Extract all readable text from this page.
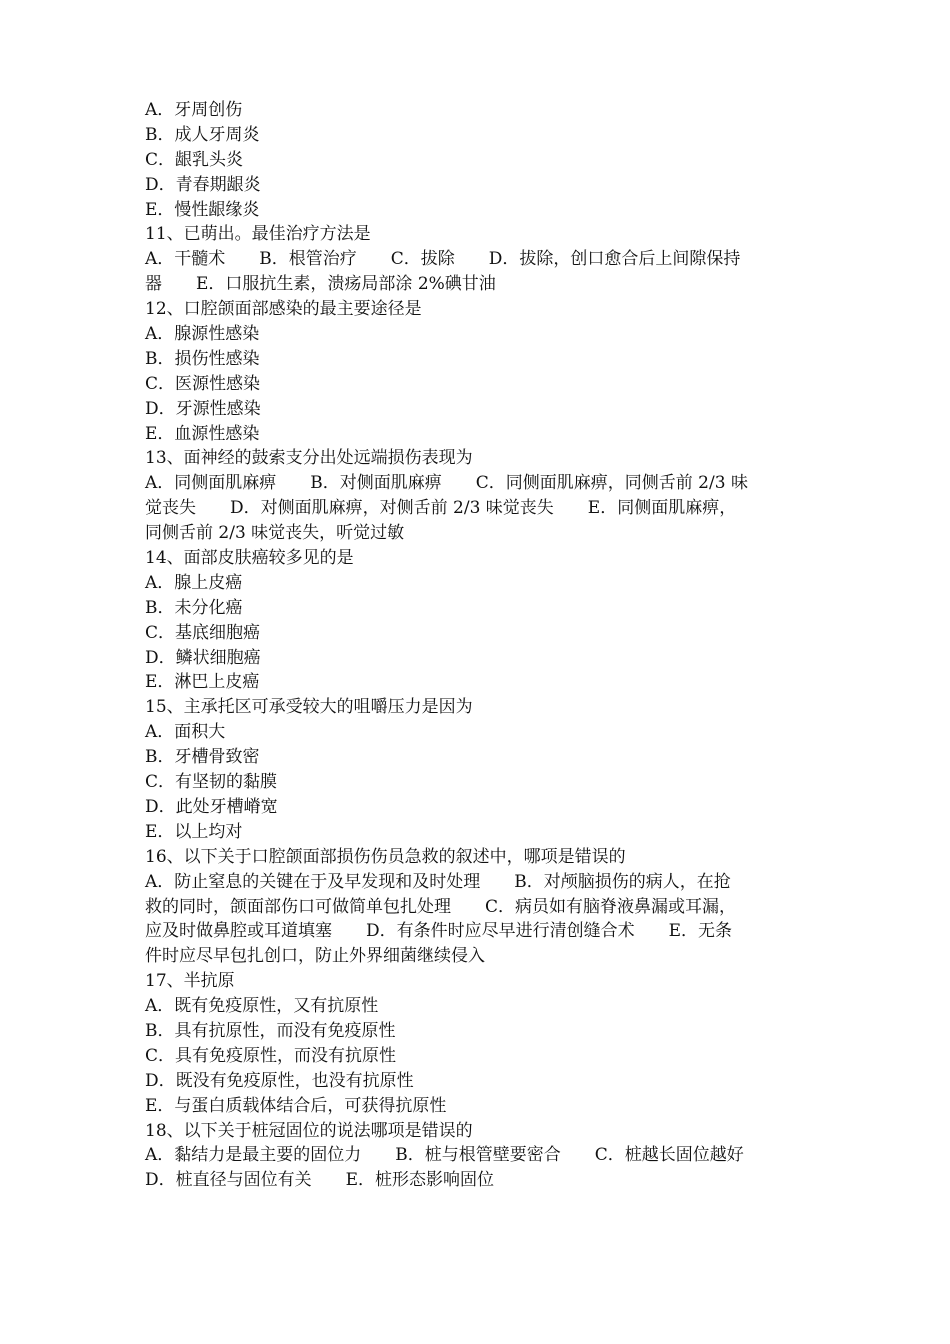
A．牙周创伤
B．成人牙周炎
C．龈乳头炎
D．青春期龈炎
E．慢性龈缘炎
11、已萌出。最佳治疗方法是
A．干髓术　　B．根管治疗　　C．拔除　　D．拔除，创口愈合后上间隙保持
器　　E．口服抗生素，溃疡局部涂 2%碘甘油
12、口腔颌面部感染的最主要途径是
A．腺源性感染
B．损伤性感染
C．医源性感染
D．牙源性感染
E．血源性感染
13、面神经的鼓索支分出处远端损伤表现为
A．同侧面肌麻痹　　B．对侧面肌麻痹　　C．同侧面肌麻痹，同侧舌前 2/3 味
觉丧失　　D．对侧面肌麻痹，对侧舌前 2/3 味觉丧失　　E．同侧面肌麻痹，
同侧舌前 2/3 味觉丧失，听觉过敏
14、面部皮肤癌较多见的是
A．腺上皮癌
B．未分化癌
C．基底细胞癌
D．鳞状细胞癌
E．淋巴上皮癌
15、主承托区可承受较大的咀嚼压力是因为
A．面积大
B．牙槽骨致密
C．有坚韧的黏膜
D．此处牙槽嵴宽
E．以上均对
16、以下关于口腔颌面部损伤伤员急救的叙述中，哪项是错误的
A．防止窒息的关键在于及早发现和及时处理　　B．对颅脑损伤的病人，在抢
救的同时，颌面部伤口可做简单包扎处理　　C．病员如有脑脊液鼻漏或耳漏，
应及时做鼻腔或耳道填塞　　D．有条件时应尽早进行清创缝合术　　E．无条
件时应尽早包扎创口，防止外界细菌继续侵入
17、半抗原
A．既有免疫原性，又有抗原性
B．具有抗原性，而没有免疫原性
C．具有免疫原性，而没有抗原性
D．既没有免疫原性，也没有抗原性
E．与蛋白质载体结合后，可获得抗原性
18、以下关于桩冠固位的说法哪项是错误的
A．黏结力是最主要的固位力　　B．桩与根管壁要密合　　C．桩越长固位越好
D．桩直径与固位有关　　E．桩形态影响固位
